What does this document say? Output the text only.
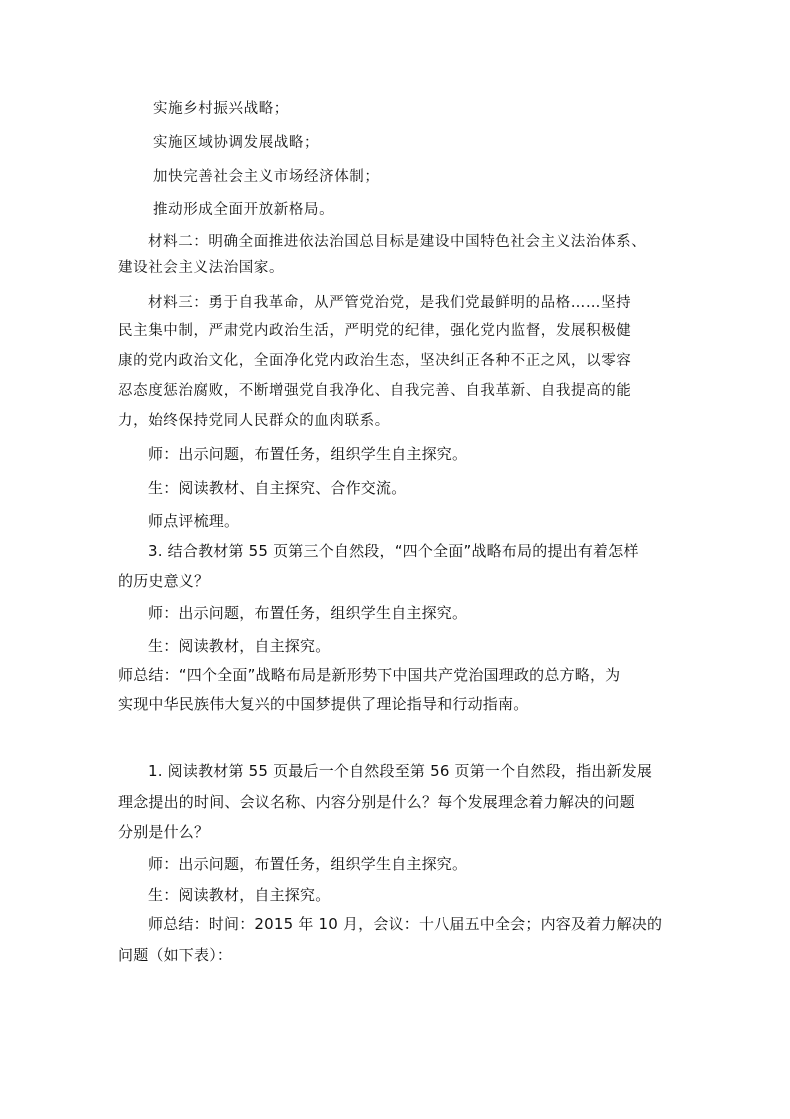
实施乡村振兴战略；
实施区域协调发展战略；
加快完善社会主义市场经济体制；
推动形成全面开放新格局。
材料二：明确全面推进依法治国总目标是建设中国特色社会主义法治体系、
建设社会主义法治国家。
材料三：勇于自我革命，从严管党治党，是我们党最鲜明的品格……坚持
民主集中制，严肃党内政治生活，严明党的纪律，强化党内监督，发展积极健
康的党内政治文化，全面净化党内政治生态，坚决纠正各种不正之风，以零容
忍态度惩治腐败，不断增强党自我净化、自我完善、自我革新、自我提高的能
力，始终保持党同人民群众的血肉联系。
师：出示问题，布置任务，组织学生自主探究。
生：阅读教材、自主探究、合作交流。
师点评梳理。
3. 结合教材第 55 页第三个自然段，“四个全面”战略布局的提出有着怎样
的历史意义？
师：出示问题，布置任务，组织学生自主探究。
生：阅读教材，自主探究。
师总结：“四个全面”战略布局是新形势下中国共产党治国理政的总方略，为
实现中华民族伟大复兴的中国梦提供了理论指导和行动指南。
1. 阅读教材第 55 页最后一个自然段至第 56 页第一个自然段，指出新发展
理念提出的时间、会议名称、内容分别是什么？每个发展理念着力解决的问题
分别是什么？
师：出示问题，布置任务，组织学生自主探究。
生：阅读教材，自主探究。
师总结：时间：2015 年 10 月，会议：十八届五中全会；内容及着力解决的
问题（如下表）：
